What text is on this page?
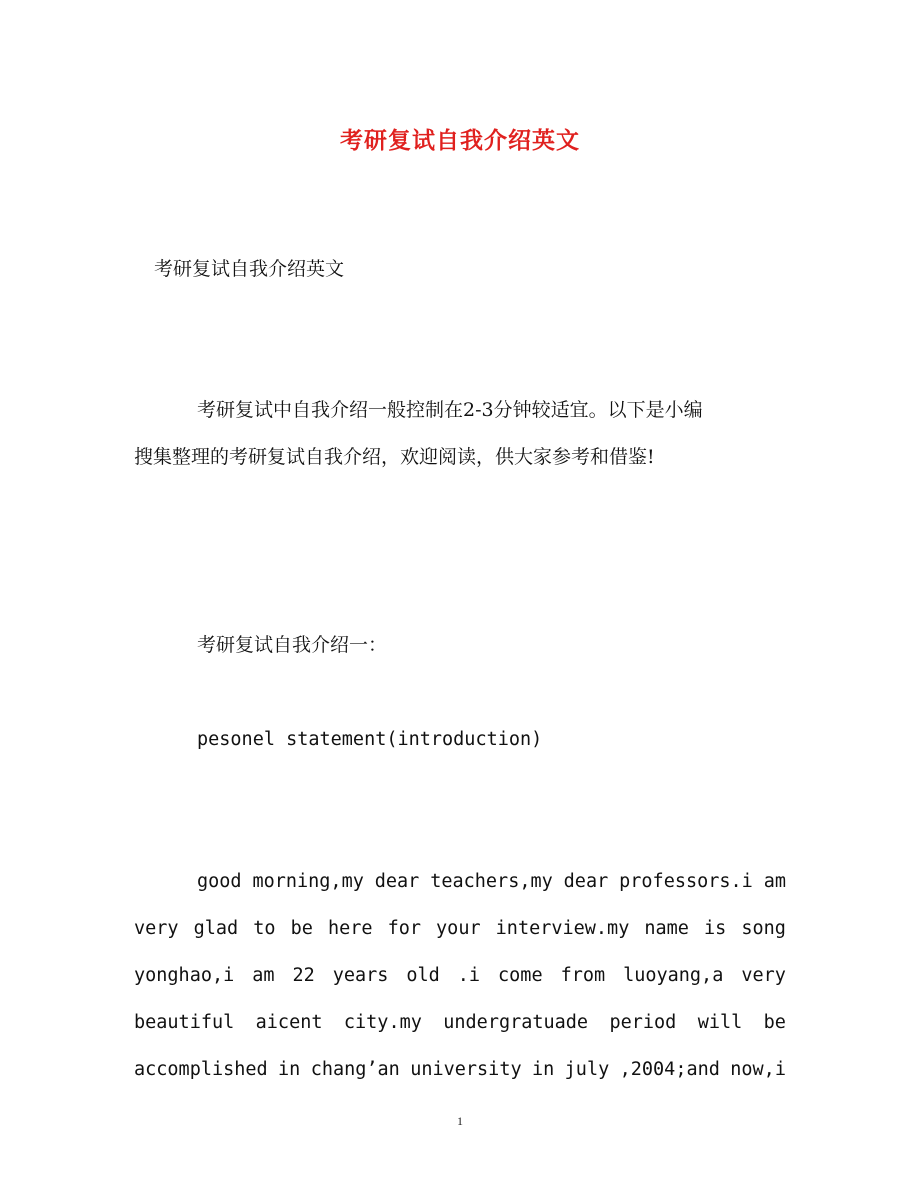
考研复试自我介绍英文
考研复试自我介绍英文
考研复试中自我介绍一般控制在2-3分钟较适宜。以下是小编
搜集整理的考研复试自我介绍，欢迎阅读，供大家参考和借鉴!
考研复试自我介绍一：
pesonel statement(introduction)
good morning,my dear teachers,my dear professors.i am
very glad to be here for your interview.my name is song
yonghao,i am 22 years old .i come from luoyang,a very
beautiful aicent city.my undergratuade period will be
accomplished in chang’an university in july ,2004;and now,i
1
